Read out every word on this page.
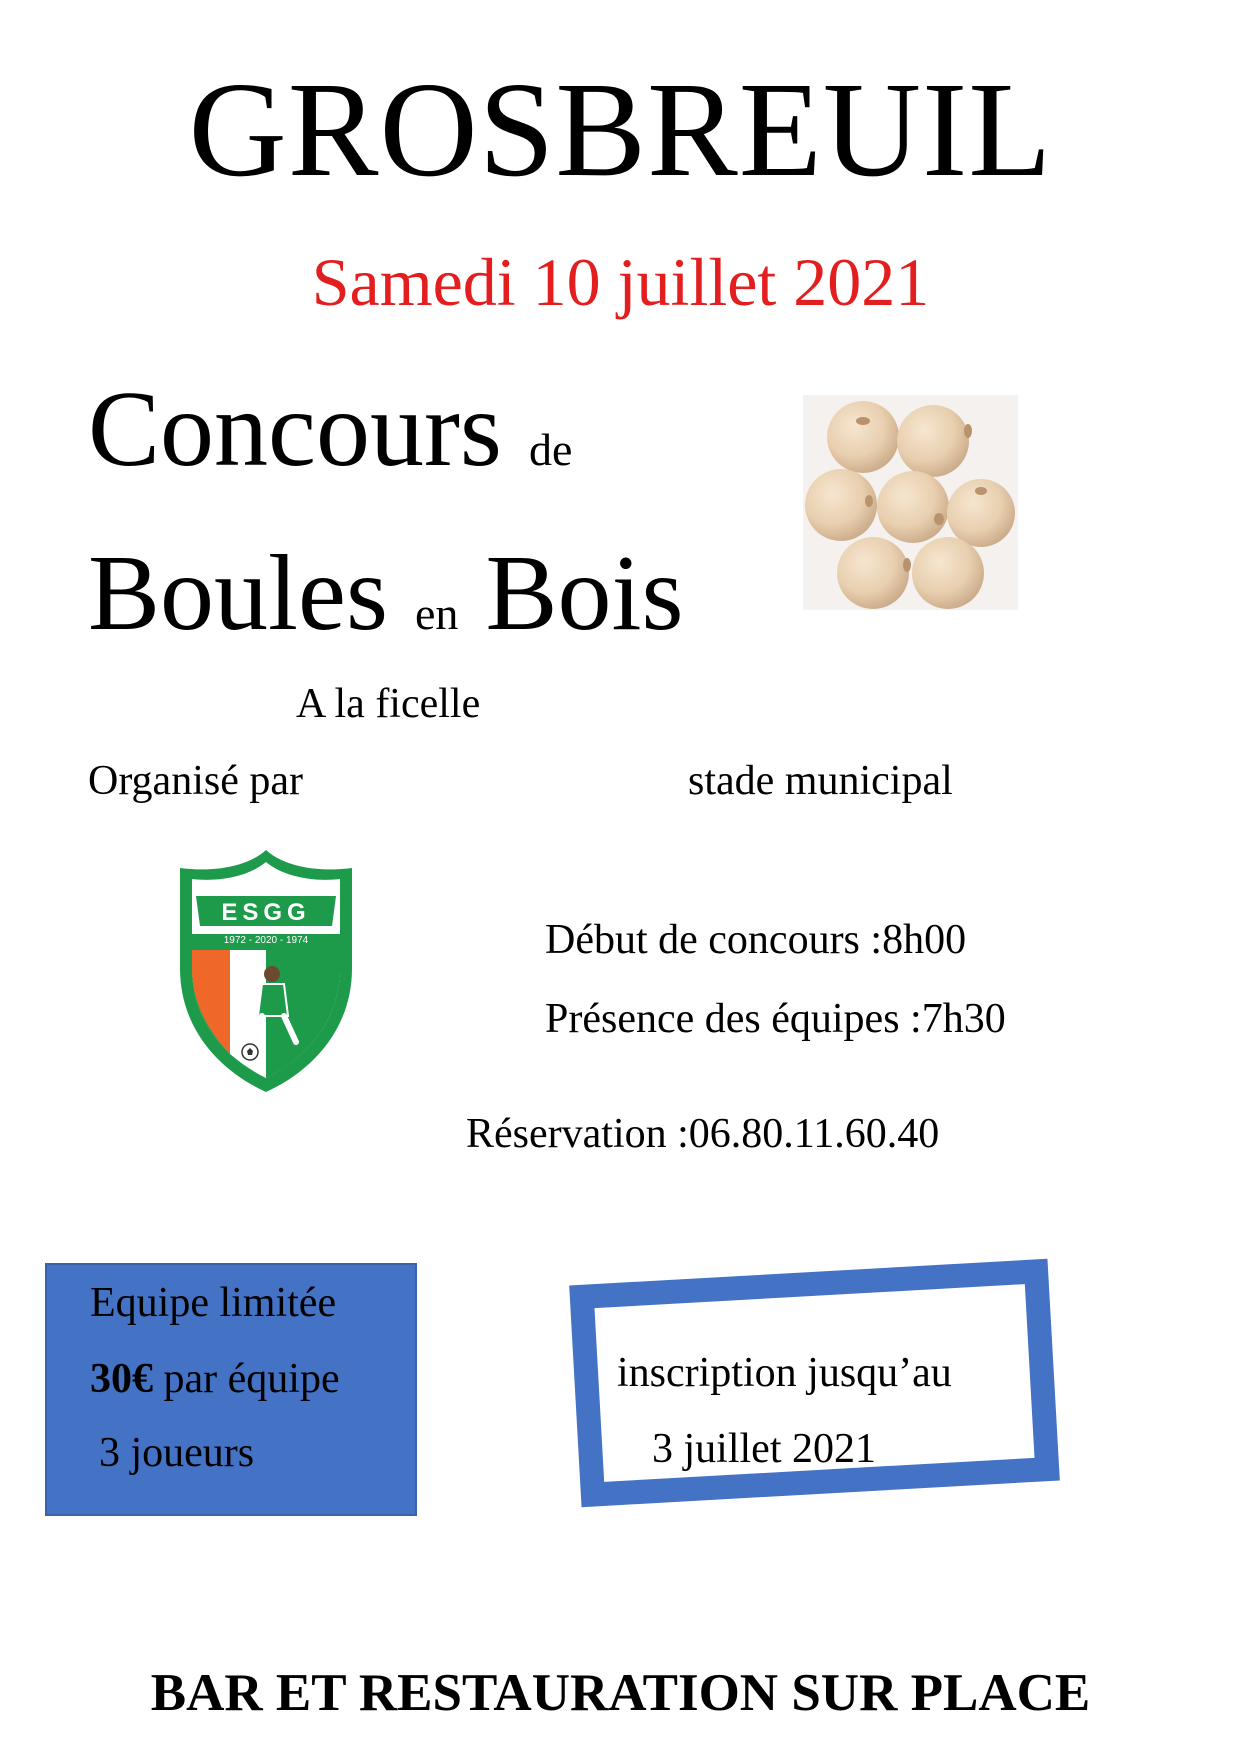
GROSBREUIL
Samedi 10 juillet 2021
Concours de
Boules en Bois
A la ficelle
Organisé par	stade municipal
ESGG
1972 - 2020 - 1974	Début de concours :8h00
Présence des équipes :7h30
Réservation :06.80.11.60.40
Equipe limitée
30€ par équipe
3 joueurs
inscription jusqu’au
3 juillet 2021
BAR ET RESTAURATION SUR PLACE
